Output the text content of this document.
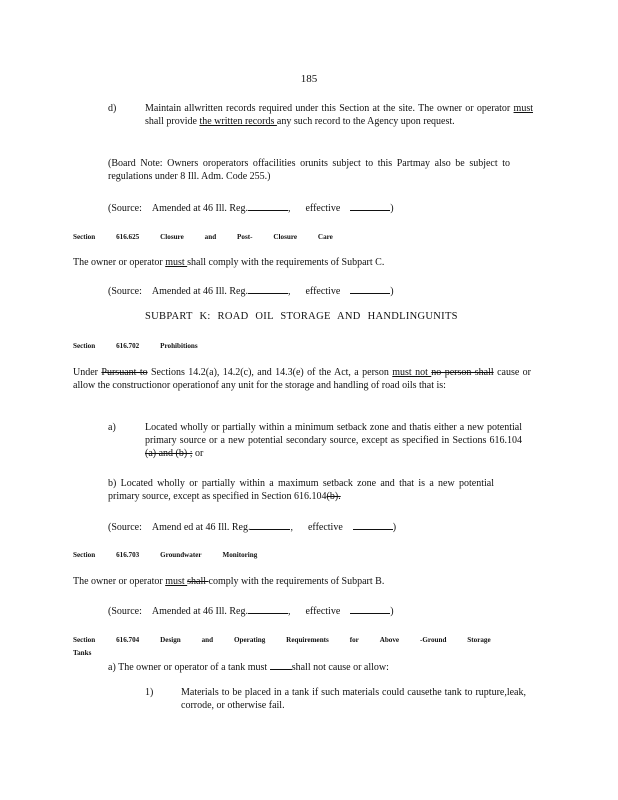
185
d)	Maintain allwritten records required under this Section at the site. The owner or operator must shall provide the written records any such record to the Agency upon request.
(Board Note: Owners oroperators offacilities orunits subject to this Partmay also be subject to regulations under 8 Ill. Adm. Code 255.)
(Source: Amended at 46 Ill. Reg.	, effective	)
Section	616.625	Closure	and	Post-	Closure	Care
The owner or operator must shall comply with the requirements of Subpart C.
(Source: Amended at 46 Ill. Reg.	, effective	)
SUBPART K: ROAD OIL STORAGE AND HANDLINGUNITS
Section	616.702	Prohibitions
Under Pursuant to Sections 14.2(a), 14.2(c), and 14.3(e) of the Act, a person must not no person shall cause or allow the constructionor operationof any unit for the storage and handling of road oils that is:
a)	Located wholly or partially within a minimum setback zone and thatis either a new potential primary source or a new potential secondary source, except as specified in Sections 616.104 (a) and (b) ; or
b) Located wholly or partially within a maximum setback zone and that is a new potential primary source, except as specified in Section 616.104(b).
(Source: Amend ed at 46 Ill. Reg.	, effective	)
Section	616.703	Groundwater	Monitoring
The owner or operator must shall comply with the requirements of Subpart B.
(Source: Amended at 46 Ill. Reg.	, effective	)
Section	616.704	Design	and	Operating	Requirements	for	Above	-Ground	StorageTanks
a) The owner or operator of a tank must shall not cause or allow:
1)	Materials to be placed in a tank if such materials could causethe tank to rupture,leak, corrode, or otherwise fail.
